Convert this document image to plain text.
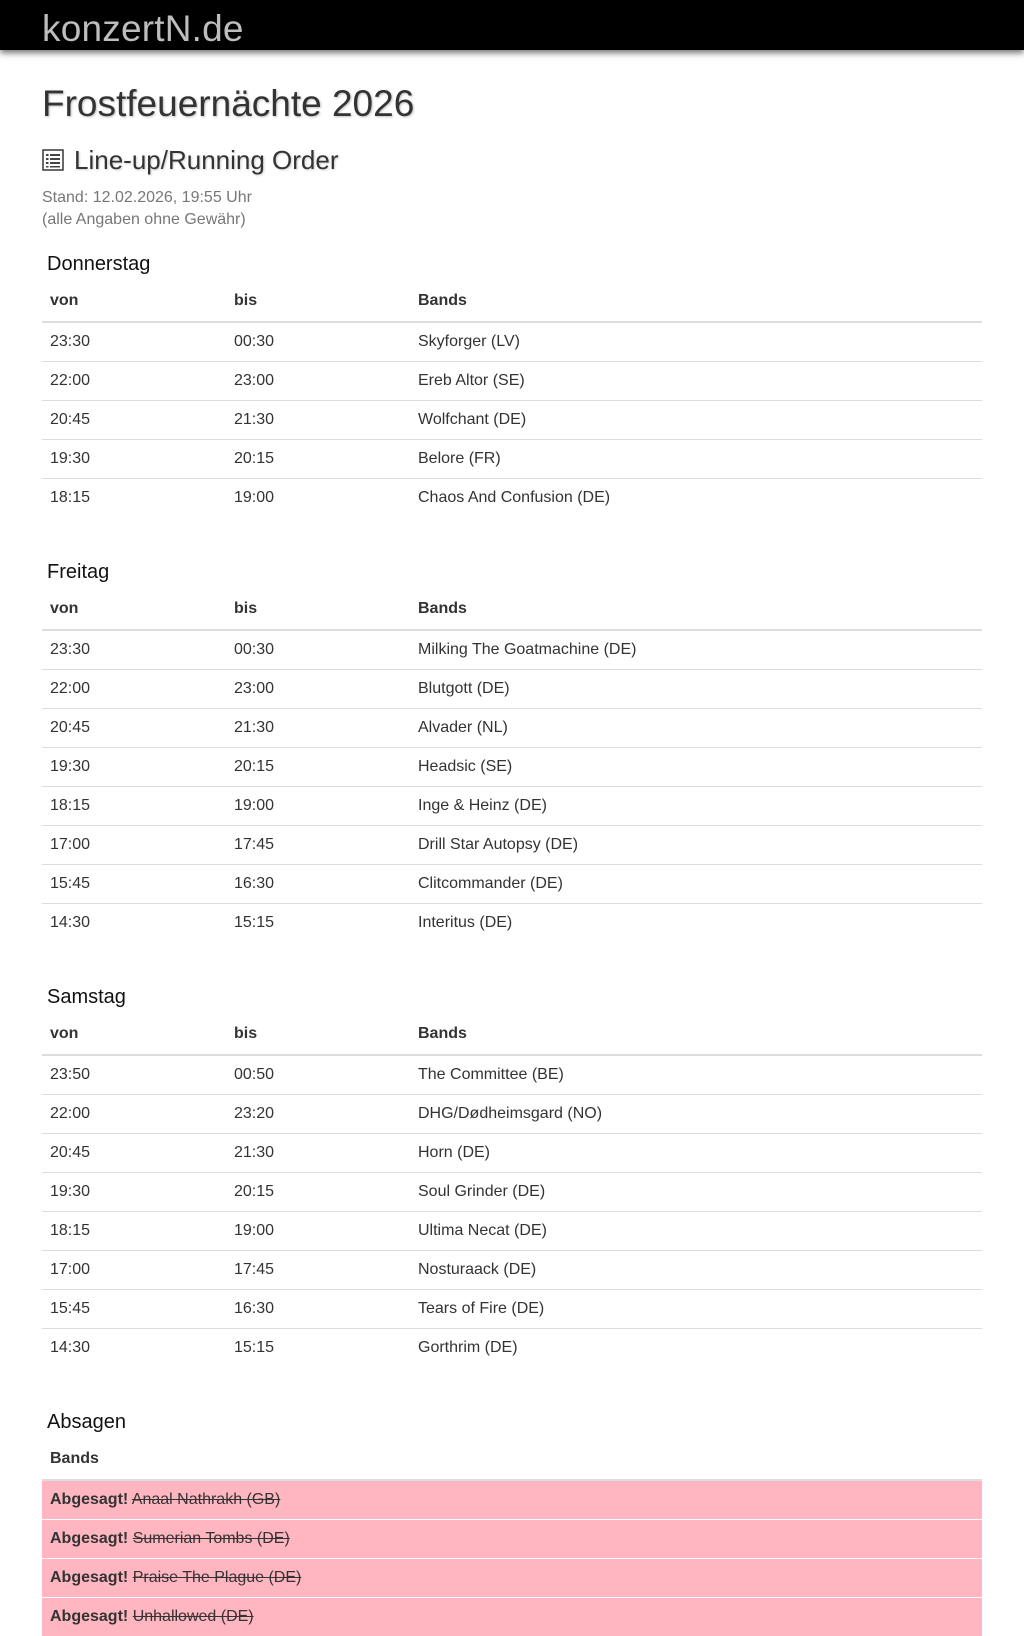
konzertN.de
Frostfeuernächte 2026
Line-up/Running Order
Stand: 12.02.2026, 19:55 Uhr
(alle Angaben ohne Gewähr)
Donnerstag
von	bis	Bands
23:30	00:30	Skyforger (LV)
22:00	23:00	Ereb Altor (SE)
20:45	21:30	Wolfchant (DE)
19:30	20:15	Belore (FR)
18:15	19:00	Chaos And Confusion (DE)
Freitag
von	bis	Bands
23:30	00:30	Milking The Goatmachine (DE)
22:00	23:00	Blutgott (DE)
20:45	21:30	Alvader (NL)
19:30	20:15	Headsic (SE)
18:15	19:00	Inge & Heinz (DE)
17:00	17:45	Drill Star Autopsy (DE)
15:45	16:30	Clitcommander (DE)
14:30	15:15	Interitus (DE)
Samstag
von	bis	Bands
23:50	00:50	The Committee (BE)
22:00	23:20	DHG/Dødheimsgard (NO)
20:45	21:30	Horn (DE)
19:30	20:15	Soul Grinder (DE)
18:15	19:00	Ultima Necat (DE)
17:00	17:45	Nosturaack (DE)
15:45	16:30	Tears of Fire (DE)
14:30	15:15	Gorthrim (DE)
Absagen
Bands
Abgesagt! Anaal Nathrakh (GB)
Abgesagt! Sumerian Tombs (DE)
Abgesagt! Praise The Plague (DE)
Abgesagt! Unhallowed (DE)
